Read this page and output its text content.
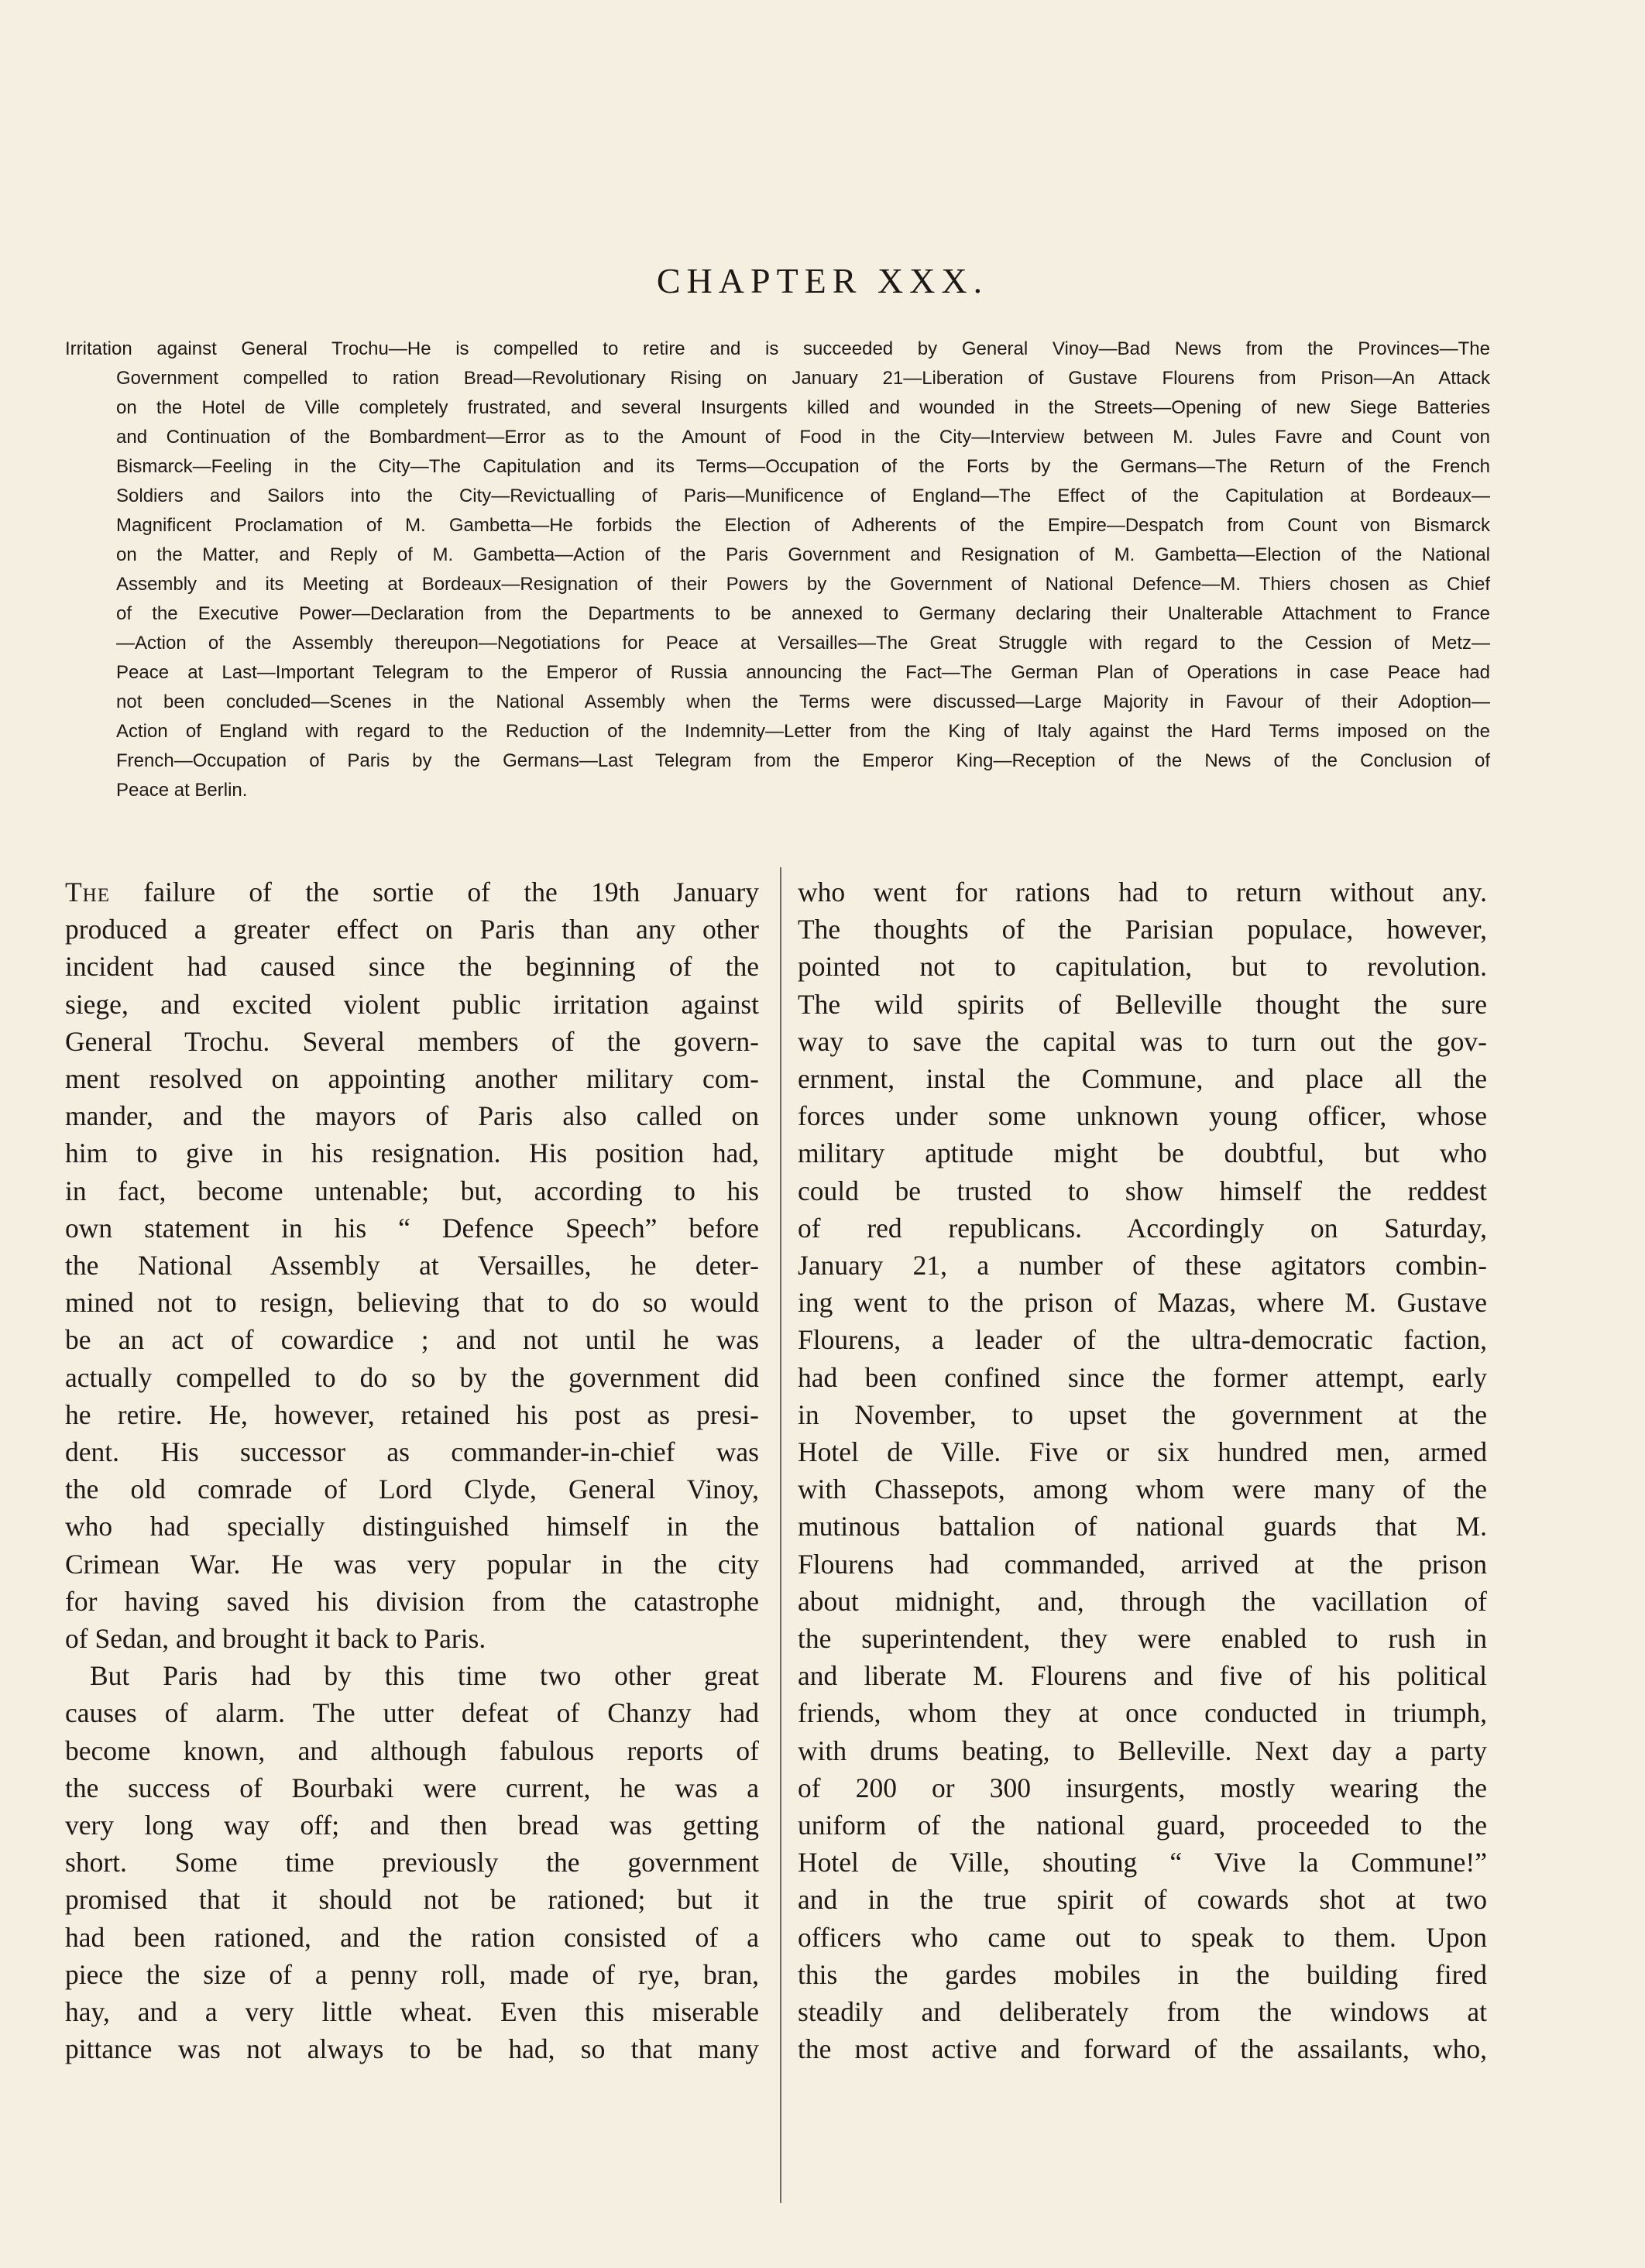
CHAPTER XXX.
Irritation against General Trochu—He is compelled to retire and is succeeded by General Vinoy—Bad News from the Provinces—The
Government compelled to ration Bread—Revolutionary Rising on January 21—Liberation of Gustave Flourens from Prison—An Attack
on the Hotel de Ville completely frustrated, and several Insurgents killed and wounded in the Streets—Opening of new Siege Batteries
and Continuation of the Bombardment—Error as to the Amount of Food in the City—Interview between M. Jules Favre and Count von
Bismarck—Feeling in the City—The Capitulation and its Terms—Occupation of the Forts by the Germans—The Return of the French
Soldiers and Sailors into the City—Revictualling of Paris—Munificence of England—The Effect of the Capitulation at Bordeaux—
Magnificent Proclamation of M. Gambetta—He forbids the Election of Adherents of the Empire—Despatch from Count von Bismarck
on the Matter, and Reply of M. Gambetta—Action of the Paris Government and Resignation of M. Gambetta—Election of the National
Assembly and its Meeting at Bordeaux—Resignation of their Powers by the Government of National Defence—M. Thiers chosen as Chief
of the Executive Power—Declaration from the Departments to be annexed to Germany declaring their Unalterable Attachment to France
—Action of the Assembly thereupon—Negotiations for Peace at Versailles—The Great Struggle with regard to the Cession of Metz—
Peace at Last—Important Telegram to the Emperor of Russia announcing the Fact—The German Plan of Operations in case Peace had
not been concluded—Scenes in the National Assembly when the Terms were discussed—Large Majority in Favour of their Adoption—
Action of England with regard to the Reduction of the Indemnity—Letter from the King of Italy against the Hard Terms imposed on the
French—Occupation of Paris by the Germans—Last Telegram from the Emperor King—Reception of the News of the Conclusion of
Peace at Berlin.
The failure of the sortie of the 19th January
produced a greater effect on Paris than any other
incident had caused since the beginning of the
siege, and excited violent public irritation against
General Trochu. Several members of the govern-
ment resolved on appointing another military com-
mander, and the mayors of Paris also called on
him to give in his resignation. His position had,
in fact, become untenable; but, according to his
own statement in his “ Defence Speech” before
the National Assembly at Versailles, he deter-
mined not to resign, believing that to do so would
be an act of cowardice ; and not until he was
actually compelled to do so by the government did
he retire. He, however, retained his post as presi-
dent. His successor as commander-in-chief was
the old comrade of Lord Clyde, General Vinoy,
who had specially distinguished himself in the
Crimean War. He was very popular in the city
for having saved his division from the catastrophe
of Sedan, and brought it back to Paris.
But Paris had by this time two other great
causes of alarm. The utter defeat of Chanzy had
become known, and although fabulous reports of
the success of Bourbaki were current, he was a
very long way off; and then bread was getting
short. Some time previously the government
promised that it should not be rationed; but it
had been rationed, and the ration consisted of a
piece the size of a penny roll, made of rye, bran,
hay, and a very little wheat. Even this miserable
pittance was not always to be had, so that many
who went for rations had to return without any.
The thoughts of the Parisian populace, however,
pointed not to capitulation, but to revolution.
The wild spirits of Belleville thought the sure
way to save the capital was to turn out the gov-
ernment, instal the Commune, and place all the
forces under some unknown young officer, whose
military aptitude might be doubtful, but who
could be trusted to show himself the reddest
of red republicans. Accordingly on Saturday,
January 21, a number of these agitators combin-
ing went to the prison of Mazas, where M. Gustave
Flourens, a leader of the ultra-democratic faction,
had been confined since the former attempt, early
in November, to upset the government at the
Hotel de Ville. Five or six hundred men, armed
with Chassepots, among whom were many of the
mutinous battalion of national guards that M.
Flourens had commanded, arrived at the prison
about midnight, and, through the vacillation of
the superintendent, they were enabled to rush in
and liberate M. Flourens and five of his political
friends, whom they at once conducted in triumph,
with drums beating, to Belleville. Next day a party
of 200 or 300 insurgents, mostly wearing the
uniform of the national guard, proceeded to the
Hotel de Ville, shouting “ Vive la Commune!”
and in the true spirit of cowards shot at two
officers who came out to speak to them. Upon
this the gardes mobiles in the building fired
steadily and deliberately from the windows at
the most active and forward of the assailants, who,
